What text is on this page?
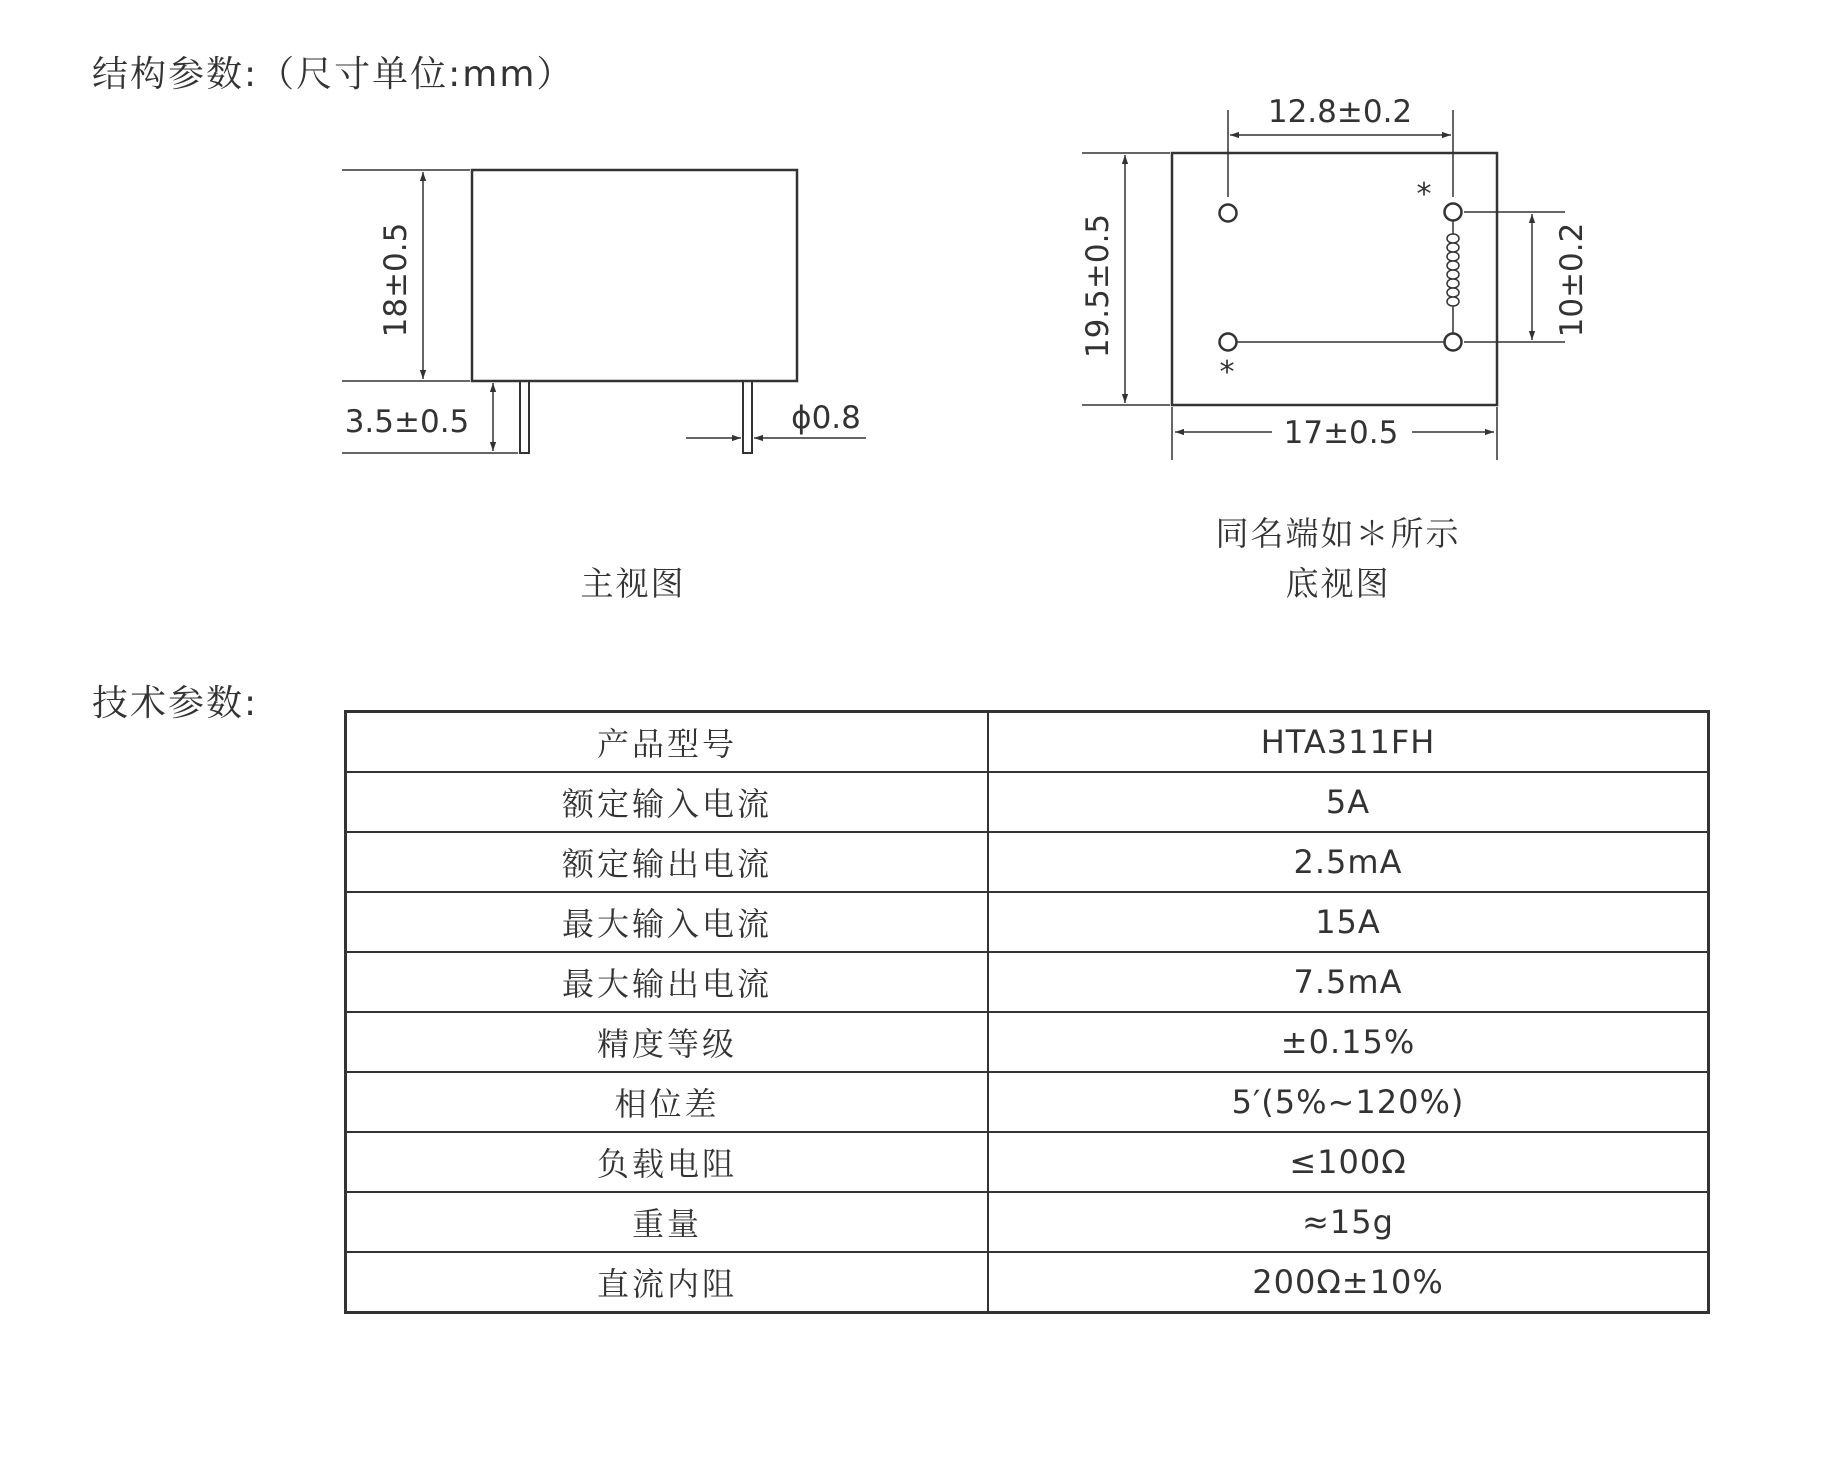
结构参数:（尺寸单位:mm）
18±0.5
3.5±0.5	ϕ0.8
*
*
12.8±0.2
19.5±0.5	10±0.2
17±0.5
主视图
同名端如＊所示
底视图
技术参数:
产品型号	HTA311FH
额定输入电流	5A
额定输出电流	2.5mA
最大输入电流	15A
最大输出电流	7.5mA
精度等级	±0.15%
相位差	5′(5%~120%)
负载电阻	≤100Ω
重量	≈15g
直流内阻	200Ω±10%
